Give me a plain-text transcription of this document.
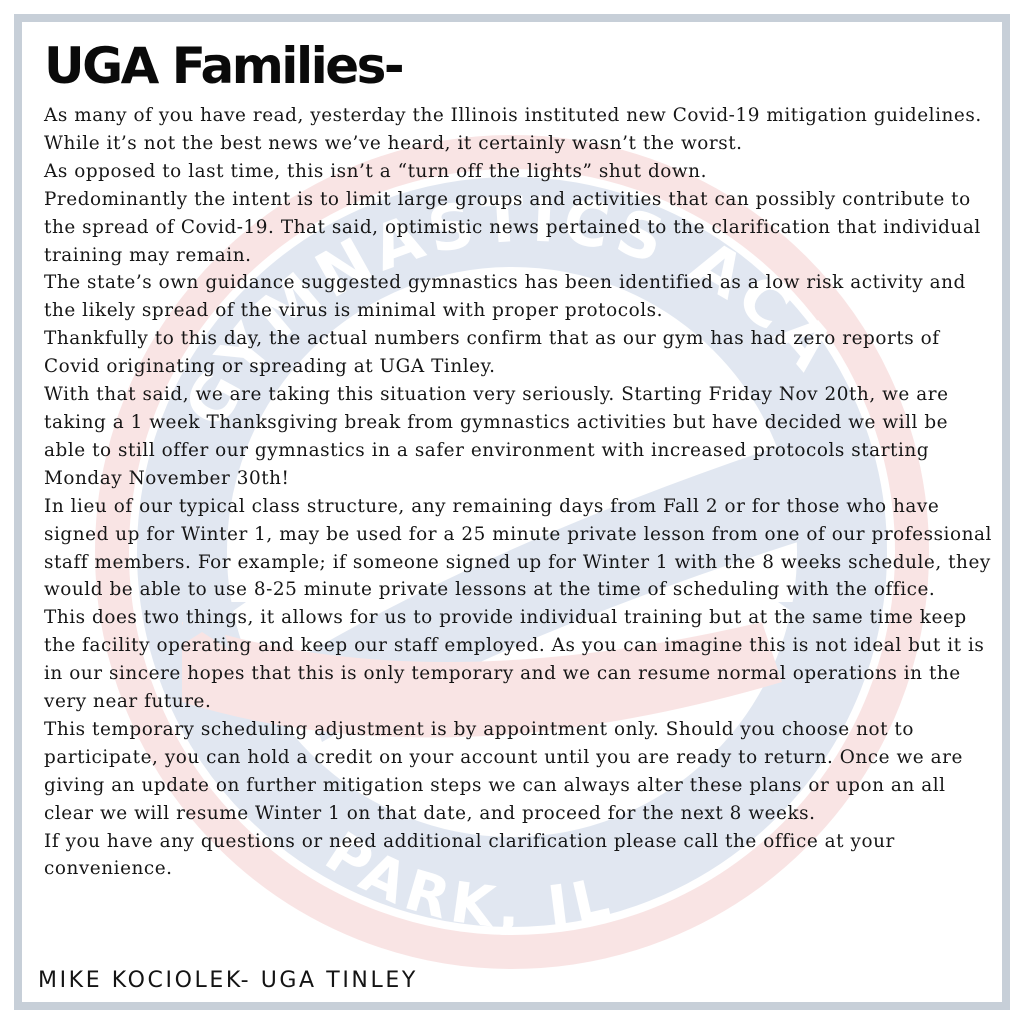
GYMNASTICS ACA
PARK, IL
UGA Families-

As many of you have read, yesterday the Illinois instituted new Covid-19 mitigation guidelines. While it’s not the best news we’ve heard, it certainly wasn’t the worst.

As opposed to last time, this isn’t a “turn off the lights” shut down.

Predominantly the intent is to limit large groups and activities that can possibly contribute to the spread of Covid-19. That said, optimistic news pertained to the clarification that individual training may remain.

The state’s own guidance suggested gymnastics has been identified as a low risk activity and the likely spread of the virus is minimal with proper protocols.

Thankfully to this day, the actual numbers confirm that as our gym has had zero reports of Covid originating or spreading at UGA Tinley.

With that said, we are taking this situation very seriously. Starting Friday Nov 20th, we are taking a 1 week Thanksgiving break from gymnastics activities but have decided we will be able to still offer our gymnastics in a safer environment with increased protocols starting Monday November 30th!

In lieu of our typical class structure, any remaining days from Fall 2 or for those who have signed up for Winter 1, may be used for a 25 minute private lesson from one of our professional staff members. For example; if someone signed up for Winter 1 with the 8 weeks schedule, they would be able to use 8-25 minute private lessons at the time of scheduling with the office.

This does two things, it allows for us to provide individual training but at the same time keep the facility operating and keep our staff employed. As you can imagine this is not ideal but it is in our sincere hopes that this is only temporary and we can resume normal operations in the very near future.

This temporary scheduling adjustment is by appointment only. Should you choose not to participate, you can hold a credit on your account until you are ready to return. Once we are giving an update on further mitigation steps we can always alter these plans or upon an all clear we will resume Winter 1 on that date, and proceed for the next 8 weeks.

If you have any questions or need additional clarification please call the office at your convenience.

MIKE KOCIOLEK- UGA TINLEY
